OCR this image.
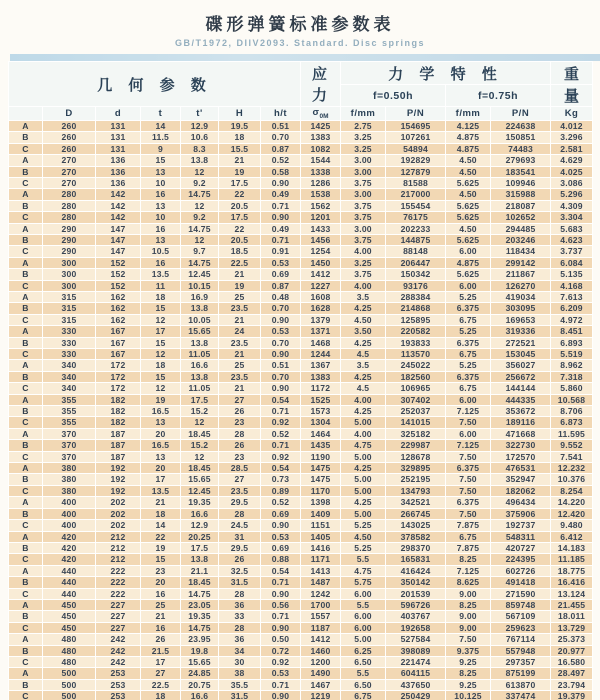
碟形弹簧标准参数表
GB/T1972, DIIV2093. Standard. Disc springs
几 何 参 数							应 力	力 学 特 性				重
								f=0.50h		f=0.75h		量
	D	d	t	t'	H	h/t	$\sigma_{0M}$	f/mm	P/N	f/mm	P/N	Kg
A	260	131	14	12.9	19.5	0.51	1425	2.75	154695	4.125	224638	4.012
B	260	131	11.5	10.6	18	0.70	1383	3.25	107261	4.875	150851	3.296
C	260	131	9	8.3	15.5	0.87	1082	3.25	54894	4.875	74483	2.581
A	270	136	15	13.8	21	0.52	1544	3.00	192829	4.50	279693	4.629
B	270	136	13	12	19	0.58	1338	3.00	127879	4.50	183541	4.025
C	270	136	10	9.2	17.5	0.90	1286	3.75	81588	5.625	109946	3.086
A	280	142	16	14.75	22	0.49	1538	3.00	217000	4.50	315988	5.296
B	280	142	13	12	20.5	0.71	1562	3.75	155454	5.625	218087	4.309
C	280	142	10	9.2	17.5	0.90	1201	3.75	76175	5.625	102652	3.304
A	290	147	16	14.75	22	0.49	1433	3.00	202233	4.50	294485	5.683
B	290	147	13	12	20.5	0.71	1456	3.75	144875	5.625	203246	4.623
C	290	147	10.5	9.7	18.5	0.91	1254	4.00	88148	6.00	118434	3.737
A	300	152	16	14.75	22.5	0.53	1450	3.25	206447	4.875	299142	6.084
B	300	152	13.5	12.45	21	0.69	1412	3.75	150342	5.625	211867	5.135
C	300	152	11	10.15	19	0.87	1227	4.00	93176	6.00	126270	4.168
A	315	162	18	16.9	25	0.48	1608	3.5	288384	5.25	419034	7.613
B	315	162	15	13.8	23.5	0.70	1628	4.25	214868	6.375	303095	6.209
C	315	162	12	10.05	21	0.90	1379	4.50	125895	6.75	169653	4.972
A	330	167	17	15.65	24	0.53	1371	3.50	220582	5.25	319336	8.451
B	330	167	15	13.8	23.5	0.70	1468	4.25	193833	6.375	272521	6.893
C	330	167	12	11.05	21	0.90	1244	4.5	113570	6.75	153045	5.519
A	340	172	18	16.6	25	0.51	1367	3.5	245022	5.25	356027	8.962
B	340	172	15	13.8	23.5	0.70	1383	4.25	182560	6.375	256672	7.318
C	340	172	12	11.05	21	0.90	1172	4.5	106965	6.75	144144	5.860
A	355	182	19	17.5	27	0.54	1525	4.00	307402	6.00	444335	10.568
B	355	182	16.5	15.2	26	0.71	1573	4.25	252037	7.125	353672	8.706
C	355	182	13	12	23	0.92	1304	5.00	141015	7.50	189116	6.873
A	370	187	20	18.45	28	0.52	1464	4.00	325182	6.00	471668	11.595
B	370	187	16.5	15.2	26	0.71	1435	4.75	229987	7.125	322730	9.552
C	370	187	13	12	23	0.92	1190	5.00	128678	7.50	172570	7.541
A	380	192	20	18.45	28.5	0.54	1475	4.25	329895	6.375	476531	12.232
B	380	192	17	15.65	27	0.73	1475	5.00	252195	7.50	352947	10.376
C	380	192	13.5	12.45	23.5	0.89	1170	5.00	134793	7.50	182062	8.254
A	400	202	21	19.35	29.5	0.52	1398	4.25	342521	6.375	496434	14.220
B	400	202	18	16.6	28	0.69	1409	5.00	266745	7.50	375906	12.420
C	400	202	14	12.9	24.5	0.90	1151	5.25	143025	7.875	192737	9.480
A	420	212	22	20.25	31	0.53	1405	4.50	378582	6.75	548311	6.412
B	420	212	19	17.5	29.5	0.69	1416	5.25	298370	7.875	420727	14.183
C	420	212	15	13.8	26	0.88	1171	5.5	165831	8.25	224395	11.185
A	440	222	23	21.1	32.5	0.54	1413	4.75	416424	7.125	602726	18.775
B	440	222	20	18.45	31.5	0.71	1487	5.75	350142	8.625	491418	16.416
C	440	222	16	14.75	28	0.90	1242	6.00	201539	9.00	271590	13.124
A	450	227	25	23.05	36	0.56	1700	5.5	596726	8.25	859748	21.455
B	450	227	21	19.35	33	0.71	1557	6.00	403767	9.00	567109	18.011
C	450	227	16	14.75	28	0.90	1187	6.00	192658	9.00	259623	13.729
A	480	242	26	23.95	36	0.50	1412	5.00	527584	7.50	767114	25.373
B	480	242	21.5	19.8	34	0.72	1460	6.25	398089	9.375	557948	20.977
C	480	242	17	15.65	30	0.92	1200	6.50	221474	9.25	297357	16.580
A	500	253	27	24.85	38	0.53	1490	5.5	604115	8.25	875199	28.497
B	500	253	22.5	20.75	35.5	0.71	1467	6.50	437650	9.25	613870	23.794
C	500	253	18	16.6	31.5	0.90	1219	6.75	250429	10.125	337474	19.379
